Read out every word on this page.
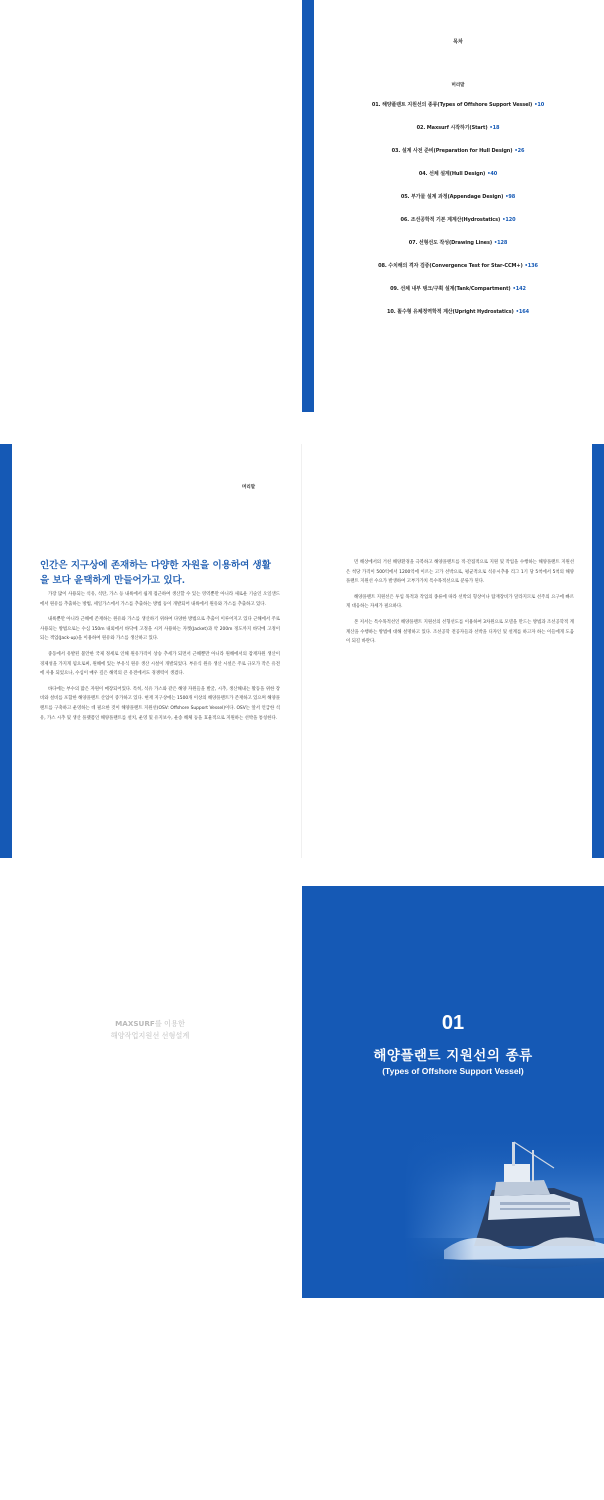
목차
머리말
01. 해양플랜트 지원선의 종류(Types of Offshore Support Vessel) •10
02. Maxsurf 시작하기(Start) •18
03. 설계 사전 준비(Preparation for Hull Design) •26
04. 선체 설계(Hull Design) •40
05. 부가물 설계 과정(Appendage Design) •98
06. 조선공학적 기본 계계산(Hydrostatics) •120
07. 선형선도 작성(Drawing Lines) •128
08. 수치해의 격자 검증(Convergence Test for Star-CCM+) •136
09. 선체 내부 탱크/구획 설계(Tank/Compartment) •142
10. 똘수형 유체정역학적 계산(Upright Hydrostatics) •164
머리말
인간은 지구상에 존재하는 다양한 자원을 이용하여 생활을 보다 윤택하게 만들어가고 있다.

가장 많이 사용되는 석유, 석탄, 가스 등 내륙에서 쉽게 접근하여 생산할 수 있는 영역뿐만 아니라 새로운 기술인 오일샌드에서 원유를 추출하는 방법, 셰일가스에서 가스를 추출하는 방법 등이 개발되어 내륙에서 원유와 가스를 추출하고 있다.

내륙뿐만 아니라 근해에 존재하는 원유와 가스를 생산하기 위하여 다양한 방법으로 추출이 이루어지고 있다 근해에서 주로 사용되는 방법으로는 수심 150m 내외에서 바닥에 고정을 시켜 사용하는 자켓(Jacket)과 약 200m 정도까지 바닥에 고정이 되는 잭업(Jack-up)을 이용하여 원유와 가스를 생산하고 있다.

중동에서 유발된 불안한 국제 정세로 인해 원유가격이 상승 추세가 되면서 근해뿐만 아니라 원해에서의 잠재자원 생산이 경제성을 가지게 됨으로써, 원해에 있는 부유식 원유 생산 시설이 개발되었다. 부유식 원유 생산 시설은 주로 규모가 작은 유전에 사용 되었으나, 수심이 매우 깊은 해역의 큰 유전에서도 경쟁력이 생겼다.

바다에는 부수의 많은 자원이 매장되어있다. 특히, 석유 가스와 같은 해양 자원들을 발굴, 시추, 생산해내는 활동을 위한 장비와 설비를 포함한 해양플랜트 산업이 증가하고 있다. 현재 지구상에는 1500개 이상의 해양플랜트가 존재하고 있으며 해양플랜트를 구축하고 운영하는 데 필요한 것이 해양플랜트 지원선(OSV: Offshore Support Vessel)이다. OSV는 앞서 언급한 석유, 가스 시추 및 생산 플랫폼인 해양플랜트를 설치, 운영 및 유지보수, 운송 해체 등을 효율적으로 지원하는 선박을 통칭한다.

먼 해상에서의 거친 해양환경을 극복하고 해양플랜트를 적·간접적으로 지원 및 작업을 수행하는 해양플랜트 지원선은 척당 가격이 500억에서 1200억에 이르는 고가 선박으로, 평균적으로 석유시추용 리그 1기 당 5척에서 5척의 해양플랜트 지원선 수요가 발생하여 고부가가치 특수목적선으로 분류가 된다.

해양플랜트 지원선은 투입 목적과 작업의 종류에 따라 선박의 형상이나 탑재장비가 달라지므로 선주의 요구에 빠르게 대응하는 자세가 필요하다.

본 저서는 특수목적선인 해양플랜트 지원선의 선형선도를 이용하여 3차원으로 모델을 만드는 방법과 조선공학적 계계산을 수행하는 방법에 대해 설명하고 있다. 조선공학 전공자들과 선박을 디자인 및 설계를 하고자 하는 이들에게 도움이 되길 바란다.

MAXSURF를 이용한
해양작업지원선 선형설계
01
해양플랜트 지원선의 종류
(Types of Offshore Support Vessel)
